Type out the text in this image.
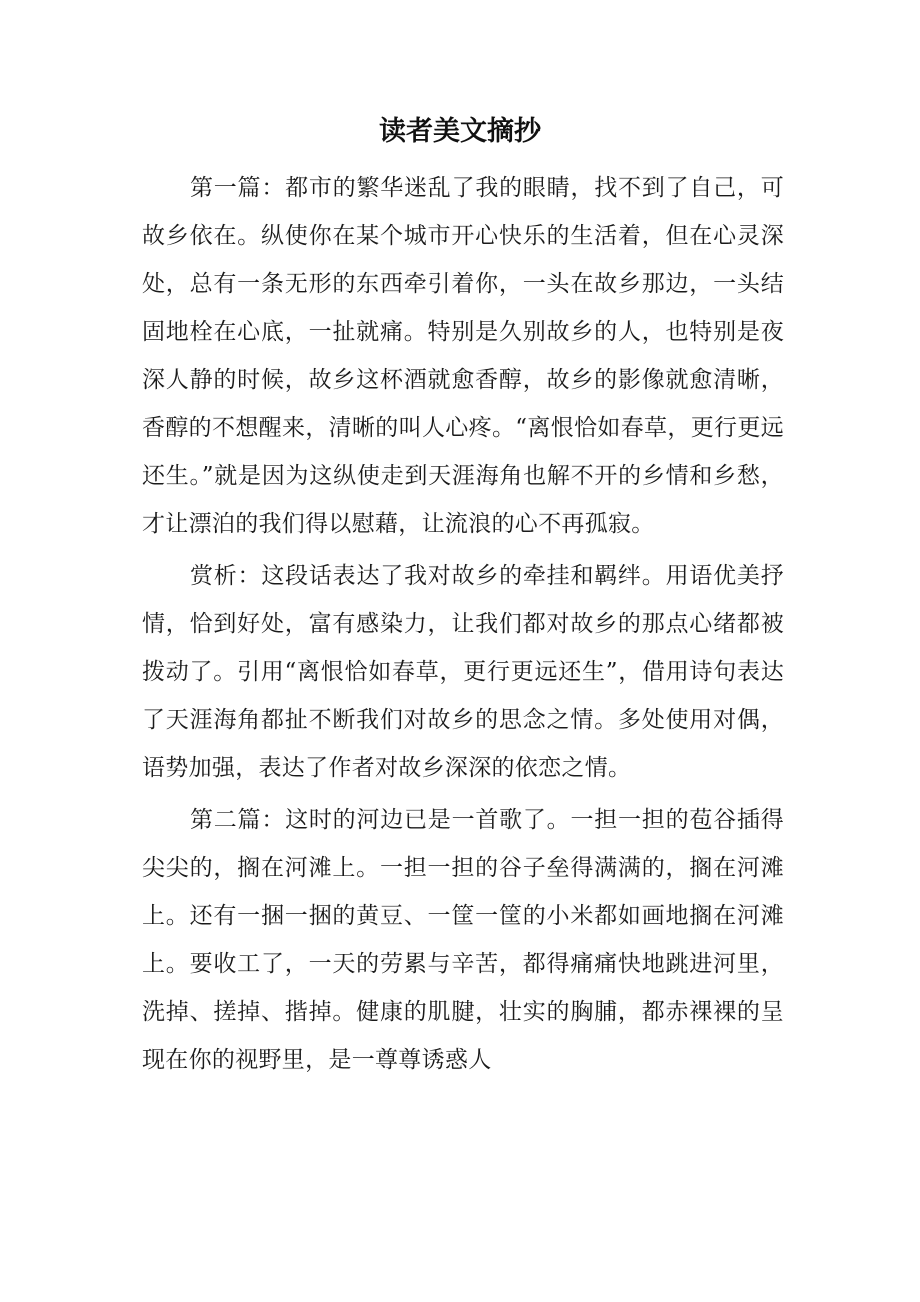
读者美文摘抄

第一篇：都市的繁华迷乱了我的眼睛，找不到了自己，可故乡依在。纵使你在某个城市开心快乐的生活着，但在心灵深处，总有一条无形的东西牵引着你，一头在故乡那边，一头结固地栓在心底，一扯就痛。特别是久别故乡的人，也特别是夜深人静的时候，故乡这杯酒就愈香醇，故乡的影像就愈清晰，香醇的不想醒来，清晰的叫人心疼。“离恨恰如春草，更行更远还生。”就是因为这纵使走到天涯海角也解不开的乡情和乡愁，才让漂泊的我们得以慰藉，让流浪的心不再孤寂。

赏析：这段话表达了我对故乡的牵挂和羁绊。用语优美抒情，恰到好处，富有感染力，让我们都对故乡的那点心绪都被拨动了。引用“离恨恰如春草，更行更远还生”，借用诗句表达了天涯海角都扯不断我们对故乡的思念之情。多处使用对偶，语势加强，表达了作者对故乡深深的依恋之情。

第二篇：这时的河边已是一首歌了。一担一担的苞谷插得尖尖的，搁在河滩上。一担一担的谷子垒得满满的，搁在河滩上。还有一捆一捆的黄豆、一筐一筐的小米都如画地搁在河滩上。要收工了，一天的劳累与辛苦，都得痛痛快地跳进河里，洗掉、搓掉、揩掉。健康的肌腱，壮实的胸脯，都赤裸裸的呈现在你的视野里，是一尊尊诱惑人
